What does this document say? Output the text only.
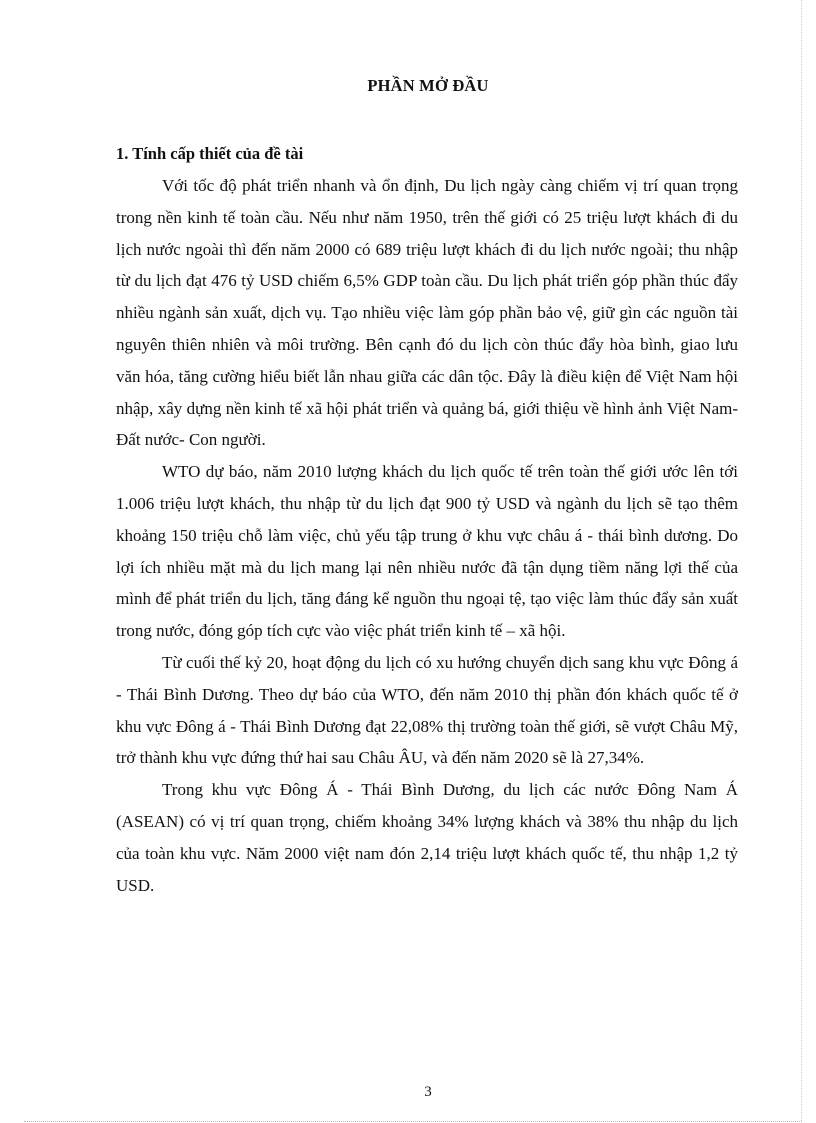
PHẦN MỞ ĐẦU
1. Tính cấp thiết của đề tài

Với tốc độ phát triển nhanh và ổn định, Du lịch ngày càng chiếm vị trí quan trọng trong nền kinh tế toàn cầu. Nếu như năm 1950, trên thế giới có 25 triệu lượt khách đi du lịch nước ngoài thì đến năm 2000 có 689 triệu lượt khách đi du lịch nước ngoài; thu nhập từ du lịch đạt 476 tỷ USD chiếm 6,5% GDP toàn cầu. Du lịch phát triển góp phần thúc đẩy nhiều ngành sản xuất, dịch vụ. Tạo nhiều việc làm góp phần bảo vệ, giữ gìn các nguồn tài nguyên thiên nhiên và môi trường. Bên cạnh đó du lịch còn thúc đẩy hòa bình, giao lưu văn hóa, tăng cường hiểu biết lẫn nhau giữa các dân tộc. Đây là điều kiện để Việt Nam hội nhập, xây dựng nền kinh tế xã hội phát triển và quảng bá, giới thiệu về hình ảnh Việt Nam- Đất nước- Con người.

WTO dự báo, năm 2010 lượng khách du lịch quốc tế trên toàn thế giới ước lên tới 1.006 triệu lượt khách, thu nhập từ du lịch đạt 900 tỷ USD và ngành du lịch sẽ tạo thêm khoảng 150 triệu chỗ làm việc, chủ yếu tập trung ở khu vực châu á - thái bình dương. Do lợi ích nhiều mặt mà du lịch mang lại nên nhiều nước đã tận dụng tiềm năng lợi thế của mình để phát triển du lịch, tăng đáng kể nguồn thu ngoại tệ, tạo việc làm thúc đẩy sản xuất trong nước, đóng góp tích cực vào việc phát triển kinh tế – xã hội.

Từ cuối thế kỷ 20, hoạt động du lịch có xu hướng chuyển dịch sang khu vực Đông á - Thái Bình Dương. Theo dự báo của WTO, đến năm 2010 thị phần đón khách quốc tế ở khu vực Đông á - Thái Bình Dương đạt 22,08% thị trường toàn thế giới, sẽ vượt Châu Mỹ, trở thành khu vực đứng thứ hai sau Châu ÂU, và đến năm 2020 sẽ là 27,34%.

Trong khu vực Đông Á - Thái Bình Dương, du lịch các nước Đông Nam Á (ASEAN) có vị trí quan trọng, chiếm khoảng 34% lượng khách và 38% thu nhập du lịch của toàn khu vực. Năm 2000 việt nam đón 2,14 triệu lượt khách quốc tế, thu nhập 1,2 tỷ USD.

3
